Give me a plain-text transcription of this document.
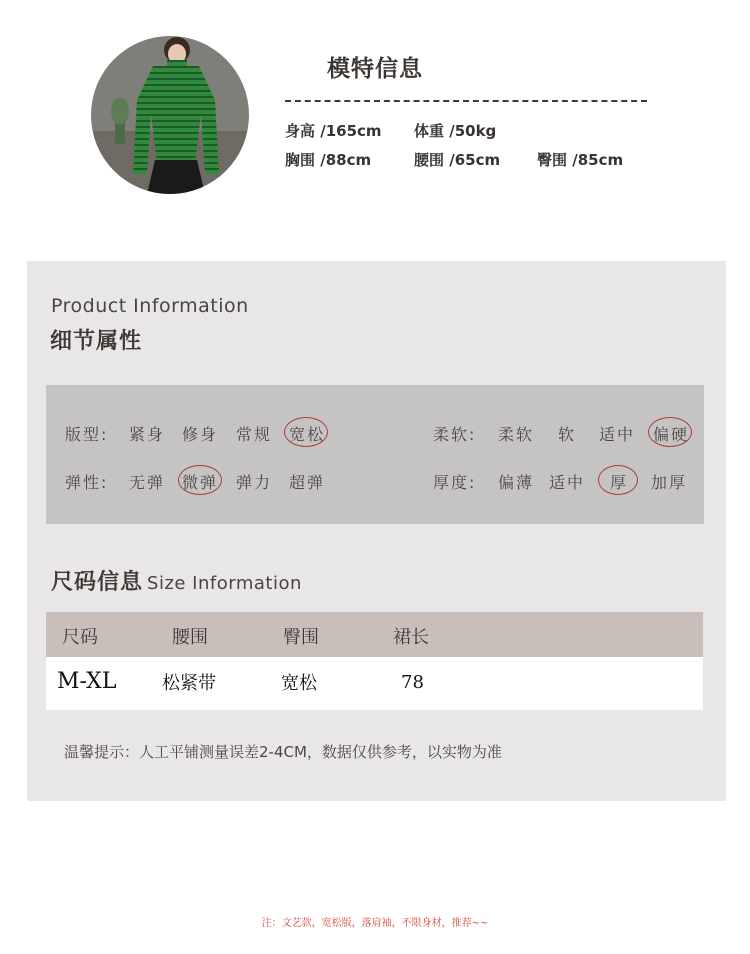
模特信息
身高 /165cm 体重 /50kg
胸围 /88cm	腰围 /65cm 臀围 /85cm
Product Information
细节属性
版型: 紧身 修身 常规 宽松	柔软: 柔软 软 适中 偏硬
弹性: 无弹 微弹 弹力 超弹	厚度: 偏薄 适中 厚 加厚
尺码信息 Size Information
尺码	腰围	臀围	裙长
M-XL	松紧带	宽松	78
温馨提示：人工平铺测量误差2-4CM，数据仅供参考，以实物为准
注：文艺款，宽松版，落肩袖，不限身材，推荐~~
